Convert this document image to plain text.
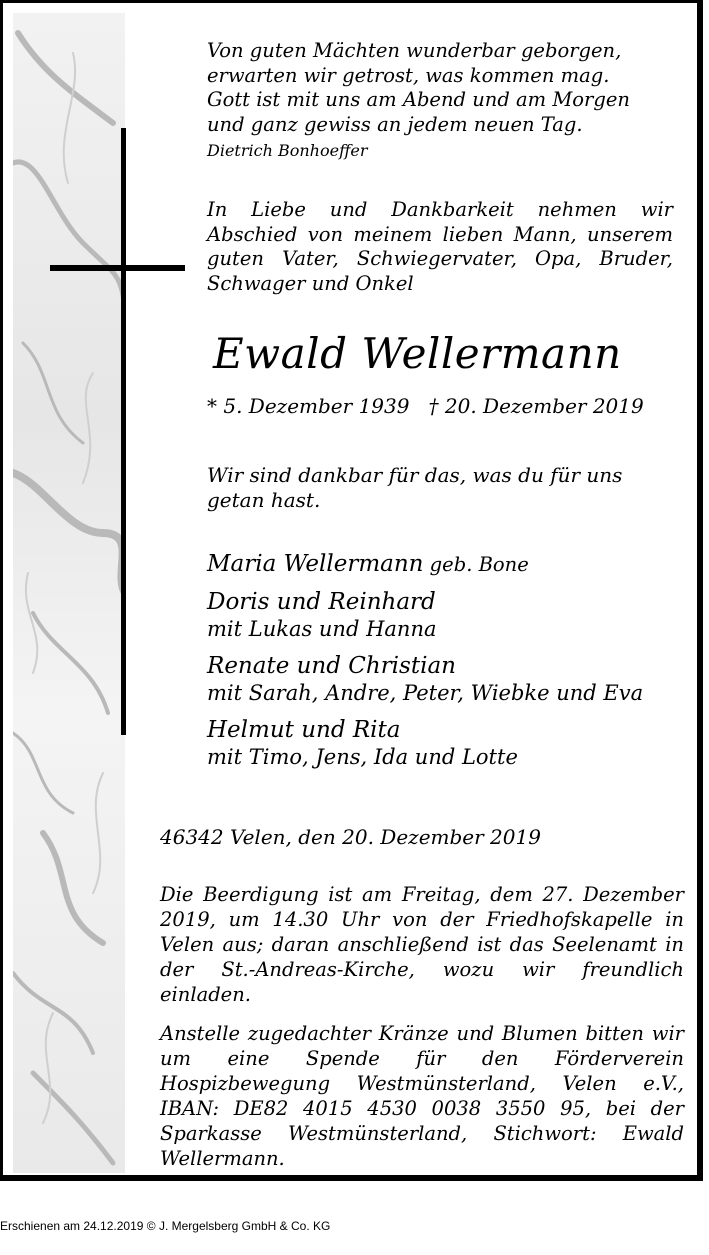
Von guten Mächten wunderbar geborgen,

erwarten wir getrost, was kommen mag.

Gott ist mit uns am Abend und am Morgen

und ganz gewiss an jedem neuen Tag.

Dietrich Bonhoeffer
In Liebe und Dankbarkeit nehmen wir Abschied von meinem lieben Mann, unserem guten Vater, Schwiegervater, Opa, Bruder, Schwager und Onkel
Ewald Wellermann
* 5. Dezember 1939   † 20. Dezember 2019

Wir sind dankbar für das, was du für uns

getan hast.

Maria Wellermann geb. Bone
Doris und Reinhard
mit Lukas und Hanna
Renate und Christian
mit Sarah, Andre, Peter, Wiebke und Eva
Helmut und Rita
mit Timo, Jens, Ida und Lotte
46342 Velen, den 20. Dezember 2019
Die Beerdigung ist am Freitag, dem 27. Dezember 2019, um 14.30 Uhr von der Friedhofskapelle in Velen aus; daran anschließend ist das Seelenamt in der St.-Andreas-Kirche, wozu wir freundlich einladen.
Anstelle zugedachter Kränze und Blumen bitten wir um eine Spende für den Förderverein Hospizbewegung Westmünsterland, Velen e.V., IBAN: DE82 4015 4530 0038 3550 95, bei der Sparkasse Westmünsterland, Stichwort: Ewald Wellermann.
Erschienen am 24.12.2019 © J. Mergelsberg GmbH & Co. KG
